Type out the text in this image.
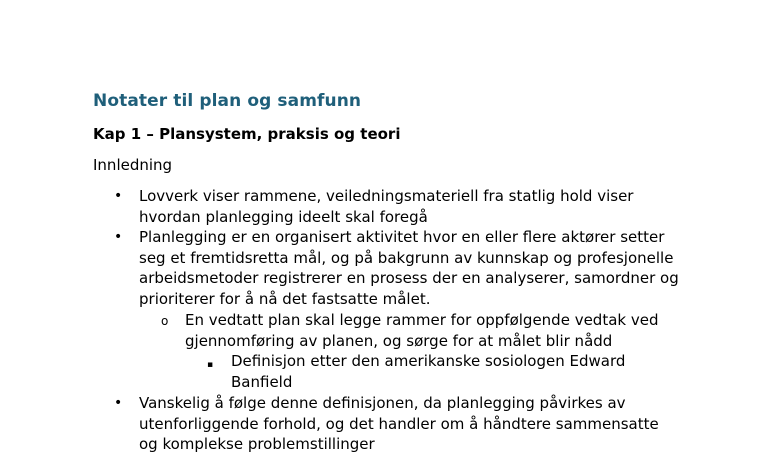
Notater til plan og samfunn
Kap 1 – Plansystem, praksis og teori
Innledning
• Lovverk viser rammene, veiledningsmateriell fra statlig hold viser
hvordan planlegging ideelt skal foregå
• Planlegging er en organisert aktivitet hvor en eller flere aktører setter
seg et fremtidsretta mål, og på bakgrunn av kunnskap og profesjonelle
arbeidsmetoder registrerer en prosess der en analyserer, samordner og
prioriterer for å nå det fastsatte målet.
o En vedtatt plan skal legge rammer for oppfølgende vedtak ved
gjennomføring av planen, og sørge for at målet blir nådd
▪ Definisjon etter den amerikanske sosiologen Edward
Banfield
• Vanskelig å følge denne definisjonen, da planlegging påvirkes av
utenforliggende forhold, og det handler om å håndtere sammensatte
og komplekse problemstillinger
